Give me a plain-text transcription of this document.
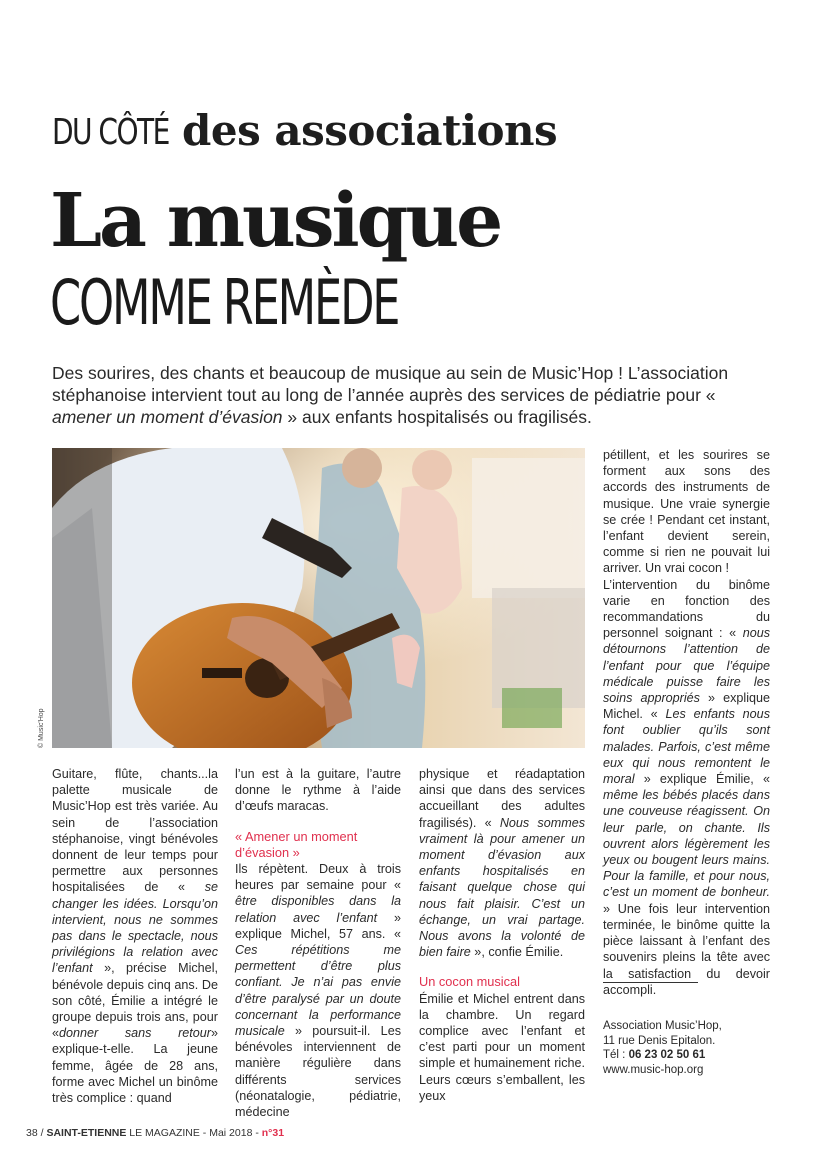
DU CÔTÉ des associations
La musique
COMME REMÈDE
Des sourires, des chants et beaucoup de musique au sein de Music’Hop ! L’association stéphanoise intervient tout au long de l’année auprès des services de pédiatrie pour « amener un moment d’évasion » aux enfants hospitalisés ou fragilisés.
© Music'Hop

Guitare, flûte, chants...la palette musicale de Music’Hop est très variée. Au sein de l’association stéphanoise, vingt bénévoles donnent de leur temps pour permettre aux personnes hospitalisées de « se changer les idées. Lorsqu’on intervient, nous ne sommes pas dans le spectacle, nous privilégions la relation avec l’enfant », précise Michel, bénévole depuis cinq ans. De son côté, Émilie a intégré le groupe depuis trois ans, pour «donner sans retour» explique-t-elle. La jeune femme, âgée de 28 ans, forme avec Michel un binôme très complice : quand

l’un est à la guitare, l’autre donne le rythme à l’aide d’œufs maracas.

« Amener un moment d’évasion »

Ils répètent. Deux à trois heures par semaine pour « être disponibles dans la relation avec l’enfant » explique Michel, 57 ans. « Ces répétitions me permettent d’être plus confiant. Je n’ai pas envie d’être paralysé par un doute concernant la performance musicale » poursuit-il. Les bénévoles interviennent de manière régulière dans différents services (néonatalogie, pédiatrie, médecine

physique et réadaptation ainsi que dans des services accueillant des adultes fragilisés). « Nous sommes vraiment là pour amener un moment d’évasion aux enfants hospitalisés en faisant quelque chose qui nous fait plaisir. C’est un échange, un vrai partage. Nous avons la volonté de bien faire », confie Émilie.

Un cocon musical

Émilie et Michel entrent dans la chambre. Un regard complice avec l’enfant et c’est parti pour un moment simple et humainement riche. Leurs cœurs s’emballent, les yeux

pétillent, et les sourires se forment aux sons des accords des instruments de musique. Une vraie synergie se crée ! Pendant cet instant, l’enfant devient serein, comme si rien ne pouvait lui arriver. Un vrai cocon !

L’intervention du binôme varie en fonction des recommandations du personnel soignant : « nous détournons l’attention de l’enfant pour que l’équipe médicale puisse faire les soins appropriés » explique Michel. « Les enfants nous font oublier qu’ils sont malades. Parfois, c’est même eux qui nous remontent le moral » explique Émilie, « même les bébés placés dans une couveuse réagissent. On leur parle, on chante. Ils ouvrent alors légèrement les yeux ou bougent leurs mains. Pour la famille, et pour nous, c’est un moment de bonheur. » Une fois leur intervention terminée, le binôme quitte la pièce laissant à l’enfant des souvenirs pleins la tête avec la satisfaction du devoir accompli.

Association Music’Hop,
11 rue Denis Epitalon.
Tél : 06 23 02 50 61
www.music-hop.org
38 / SAINT-ETIENNE LE MAGAZINE - Mai 2018 - n°31
